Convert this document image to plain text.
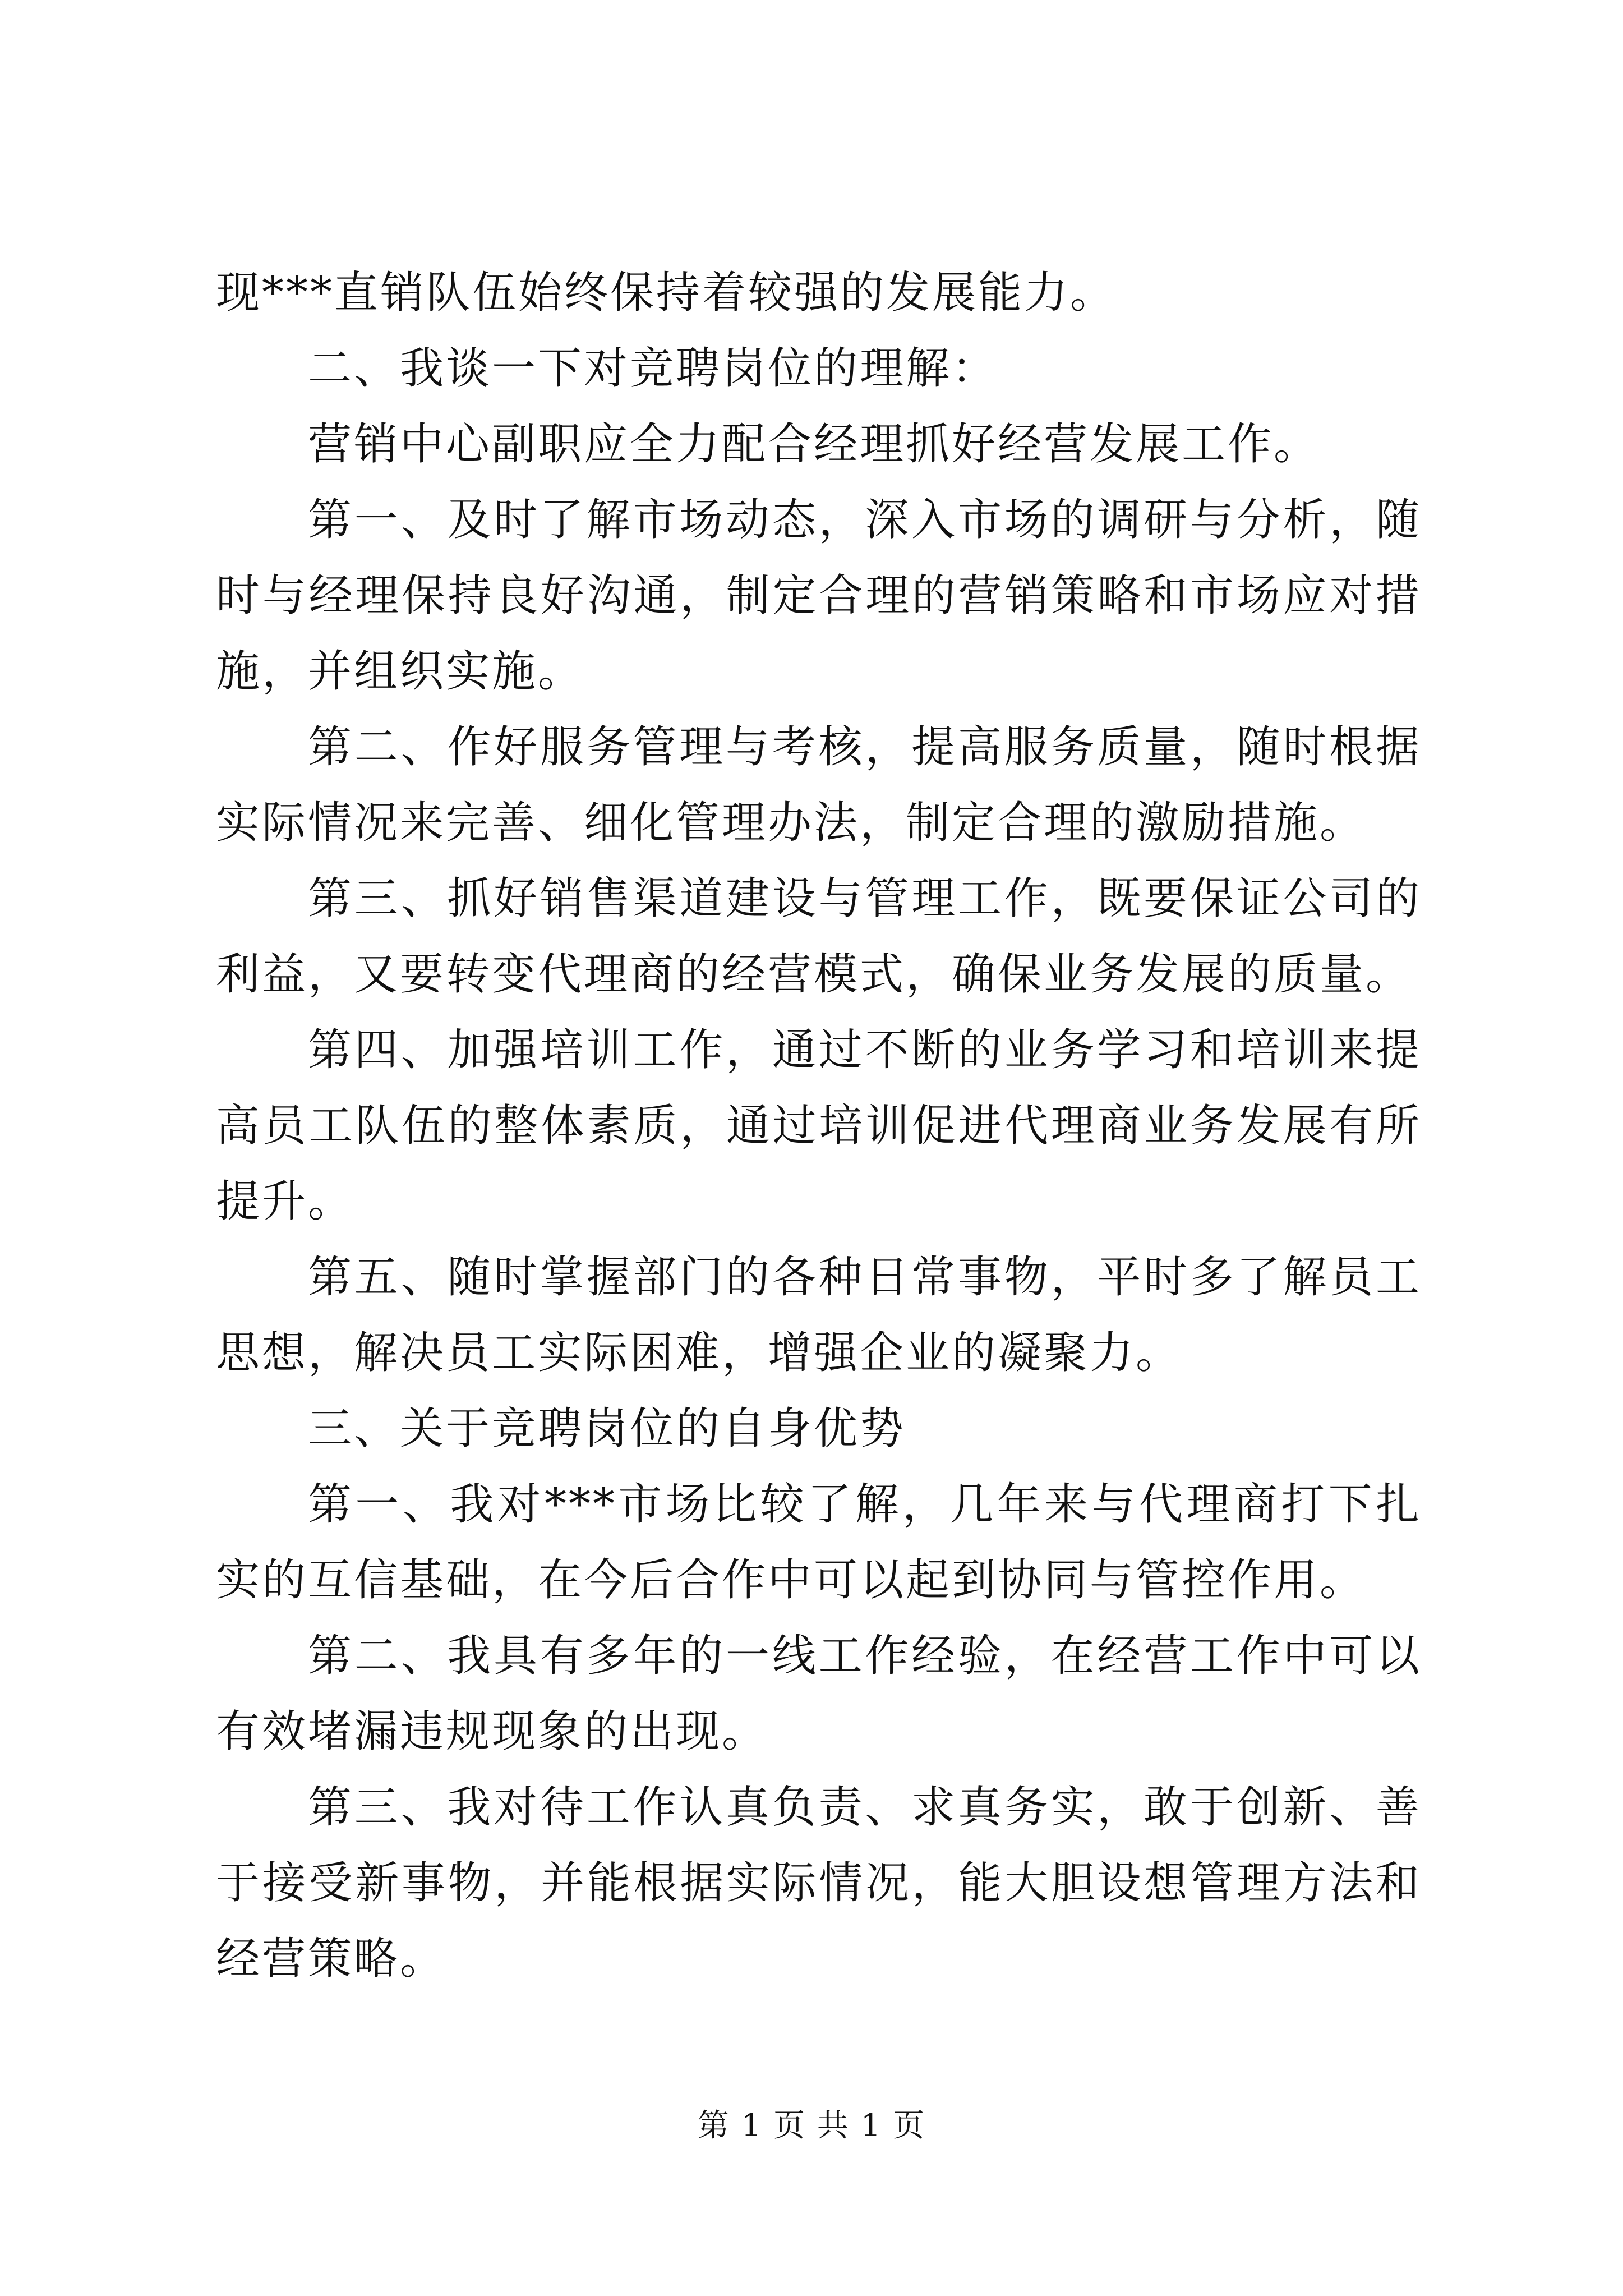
现***直销队伍始终保持着较强的发展能力。

二、我谈一下对竞聘岗位的理解：

营销中心副职应全力配合经理抓好经营发展工作。

第一、及时了解市场动态，深入市场的调研与分析，随时与经理保持良好沟通，制定合理的营销策略和市场应对措施，并组织实施。

第二、作好服务管理与考核，提高服务质量，随时根据实际情况来完善、细化管理办法，制定合理的激励措施。

第三、抓好销售渠道建设与管理工作，既要保证公司的利益，又要转变代理商的经营模式，确保业务发展的质量。

第四、加强培训工作，通过不断的业务学习和培训来提高员工队伍的整体素质，通过培训促进代理商业务发展有所提升。

第五、随时掌握部门的各种日常事物，平时多了解员工思想，解决员工实际困难，增强企业的凝聚力。

三、关于竞聘岗位的自身优势

第一、我对***市场比较了解，几年来与代理商打下扎实的互信基础，在今后合作中可以起到协同与管控作用。

第二、我具有多年的一线工作经验，在经营工作中可以有效堵漏违规现象的出现。

第三、我对待工作认真负责、求真务实，敢于创新、善于接受新事物，并能根据实际情况，能大胆设想管理方法和经营策略。

第 1 页 共 1 页
